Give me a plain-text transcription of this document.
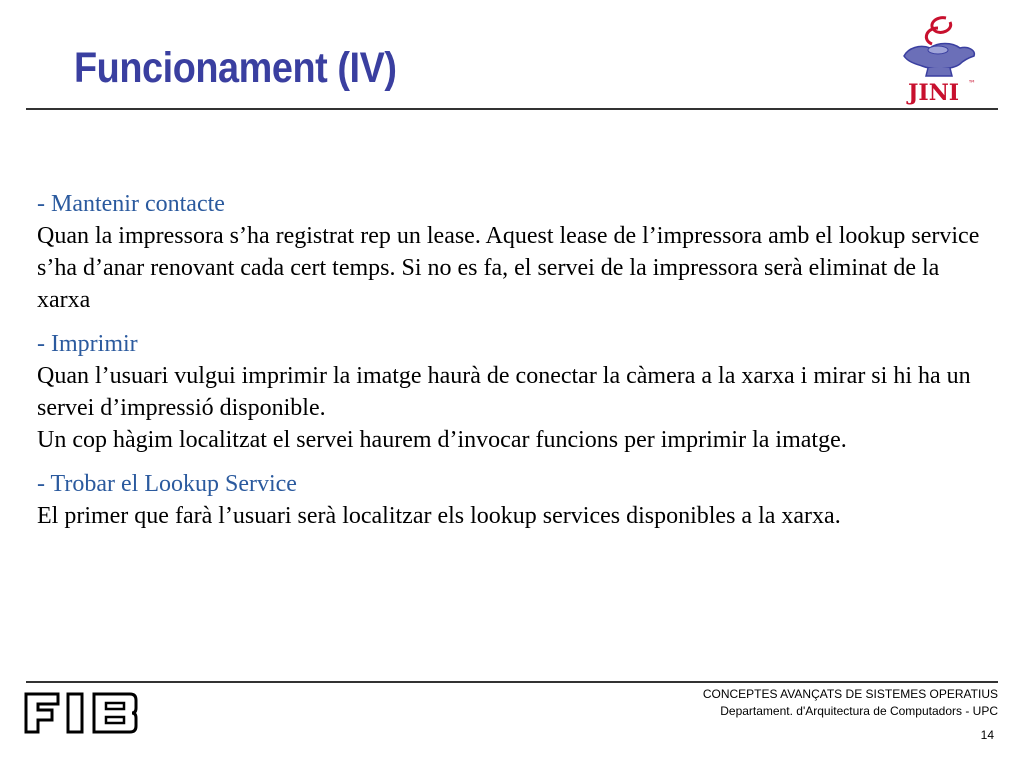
Funcionament (IV)
JINI ™
- Mantenir contacte
Quan la impressora s’ha registrat rep un lease. Aquest lease de l’impressora amb el lookup service s’ha d’anar renovant cada cert temps. Si no es fa, el servei de la impressora serà eliminat de la xarxa
- Imprimir
Quan l’usuari vulgui imprimir la imatge haurà de conectar la càmera a la xarxa i mirar si hi ha un servei d’impressió disponible.
Un cop hàgim localitzat el servei haurem d’invocar funcions per imprimir la imatge.
- Trobar el Lookup Service
El primer que farà l’usuari serà localitzar els lookup services disponibles a la xarxa.
CONCEPTES AVANÇATS DE SISTEMES OPERATIUS
Departament. d'Arquitectura de Computadors - UPC
14
